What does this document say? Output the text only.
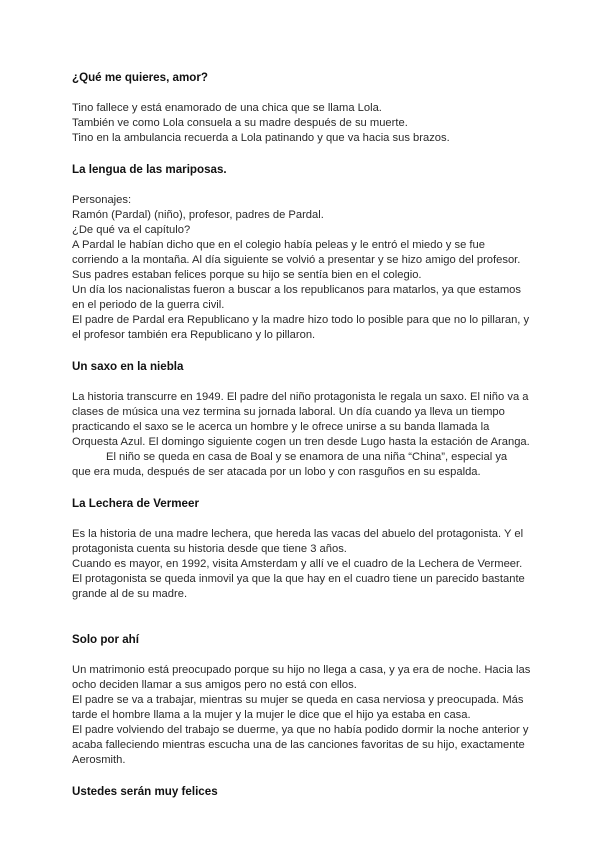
¿Qué me quieres, amor?

Tino fallece y está enamorado de una chica que se llama Lola.

También ve como Lola consuela a su madre después de su muerte.

Tino en la ambulancia recuerda a Lola patinando y que va hacia sus brazos.

La lengua de las mariposas.

Personajes:

Ramón (Pardal) (niño), profesor, padres de Pardal.

¿De qué va el capítulo?

A Pardal le habían dicho que en el colegio había peleas y le entró el miedo y se fue

corriendo a la montaña. Al día siguiente se volvió a presentar y se hizo amigo del profesor.

Sus padres estaban felices porque su hijo se sentía bien en el colegio.

Un día los nacionalistas fueron a buscar a los republicanos para matarlos, ya que estamos

en el periodo de la guerra civil.

El padre de Pardal era Republicano y la madre hizo todo lo posible para que no lo pillaran, y

el profesor también era Republicano y lo pillaron.

Un saxo en la niebla

La historia transcurre en 1949. El padre del niño protagonista le regala un saxo. El niño va a

clases de música una vez termina su jornada laboral. Un día cuando ya lleva un tiempo

practicando el saxo se le acerca un hombre y le ofrece unirse a su banda llamada la

Orquesta Azul. El domingo siguiente cogen un tren desde Lugo hasta la estación de Aranga.

El niño se queda en casa de Boal y se enamora de una niña “China”, especial ya

que era muda, después de ser atacada por un lobo y con rasguños en su espalda.

La Lechera de Vermeer

Es la historia de una madre lechera, que hereda las vacas del abuelo del protagonista. Y el

protagonista cuenta su historia desde que tiene 3 años.

Cuando es mayor, en 1992, visita Amsterdam y allí ve el cuadro de la Lechera de Vermeer.

El protagonista se queda inmovil ya que la que hay en el cuadro tiene un parecido bastante

grande al de su madre.

Solo por ahí

Un matrimonio está preocupado porque su hijo no llega a casa, y ya era de noche. Hacia las

ocho deciden llamar a sus amigos pero no está con ellos.

El padre se va a trabajar, mientras su mujer se queda en casa nerviosa y preocupada. Más

tarde el hombre llama a la mujer y la mujer le dice que el hijo ya estaba en casa.

El padre volviendo del trabajo se duerme, ya que no había podido dormir la noche anterior y

acaba falleciendo mientras escucha una de las canciones favoritas de su hijo, exactamente

Aerosmith.

Ustedes serán muy felices
